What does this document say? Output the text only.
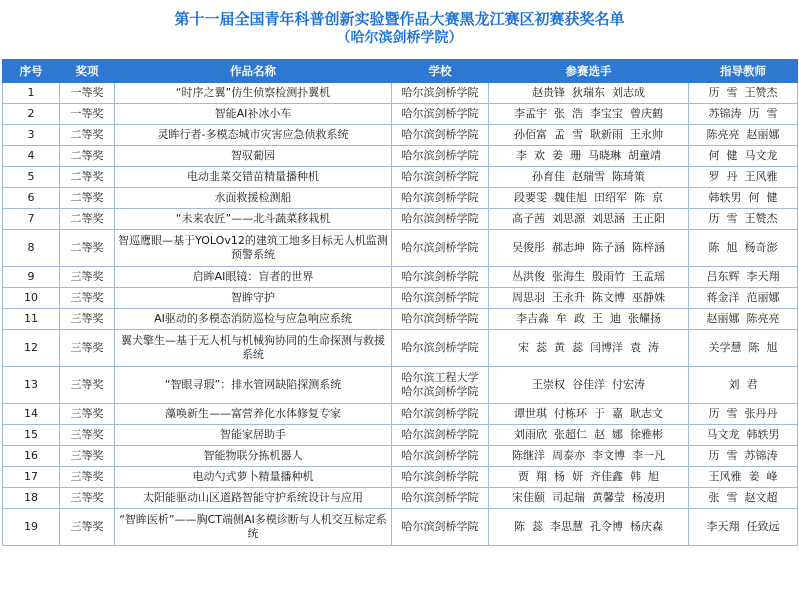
第十一届全国青年科普创新实验暨作品大赛黑龙江赛区初赛获奖名单
（哈尔滨剑桥学院）
序号	奖项	作品名称	学校	参赛选手	指导教师
1	一等奖	“时序之翼”仿生侦察检测扑翼机	哈尔滨剑桥学院	赵贵锋  狄瑞东  刘志成	历  雪  王赞杰
2	一等奖	智能AI补冰小车	哈尔滨剑桥学院	李孟宇  张  浩  李宝宝  曾庆鹤	苏锦涛  历  雪
3	二等奖	灵眸行者-多模态城市灾害应急侦救系统	哈尔滨剑桥学院	孙佰富  孟  雪  耿新雨  王永帅	陈亮亮  赵丽娜
4	二等奖	智驭葡园	哈尔滨剑桥学院	李  欢  姜  珊  马晓琳  胡童靖	何  健  马文龙
5	二等奖	电动韭菜交错苗精量播种机	哈尔滨剑桥学院	孙育佳  赵瑞雪  陈琦策	罗  丹  王风雅
6	二等奖	水面救援检测船	哈尔滨剑桥学院	段要雯  魏佳旭  田绍军  陈  京	韩轶男  何  健
7	二等奖	“未来农匠”——北斗蔬菜移栽机	哈尔滨剑桥学院	高子茜  刘思源  刘思涵  王正阳	历  雪  王赞杰
8	二等奖	智巡鹰眼—基于YOLOv12的建筑工地多目标无人机监测预警系统	哈尔滨剑桥学院	吴俊彤  郝志坤  陈子涵  陈梓涵	陈  旭  杨奇澎
9	三等奖	启眸AI眼镜：盲者的世界	哈尔滨剑桥学院	丛洪俊  张海生  殷雨竹  王孟瑶	吕东辉  李天翔
10	三等奖	智眸守护	哈尔滨剑桥学院	周思羽  王永升  陈文博  巫静姝	蒋金洋  范丽娜
11	三等奖	AI驱动的多模态消防巡检与应急响应系统	哈尔滨剑桥学院	李吉淼  牟  政  王  迪  张耀扬	赵丽娜  陈亮亮
12	三等奖	翼犬擎生—基于无人机与机械狗协同的生命探测与救援系统	哈尔滨剑桥学院	宋  蕊  黄  蕊  闫博洋  袁  涛	关学慧  陈  旭
13	三等奖	“智眼寻瑕”：排水管网缺陷探测系统	哈尔滨工程大学
哈尔滨剑桥学院	王崇权  谷佳洋  付宏涛	刘  君
14	三等奖	藻唤新生——富营养化水体修复专家	哈尔滨剑桥学院	谭世琪  付栋环  于  嘉  耿志文	历  雪  张丹丹
15	三等奖	智能家居助手	哈尔滨剑桥学院	刘雨欣  张超仁  赵  娜  徐雅彬	马文龙  韩轶男
16	三等奖	智能物联分拣机器人	哈尔滨剑桥学院	陈继洋  周泰亦  李文博  李一凡	历  雪  苏锦涛
17	三等奖	电动勺式萝卜精量播种机	哈尔滨剑桥学院	贾  翔  杨  妍  齐佳鑫  韩  旭	王风雅  姜  峰
18	三等奖	太阳能驱动山区道路智能守护系统设计与应用	哈尔滨剑桥学院	宋佳颐  司起瑞  黄馨莹  杨凌玥	张  雪  赵文超
19	三等奖	“智眸医析”——胸CT端侧AI多模诊断与人机交互标定系统	哈尔滨剑桥学院	陈  蕊  李思慧  孔令博  杨庆森	李天翔  任致远
